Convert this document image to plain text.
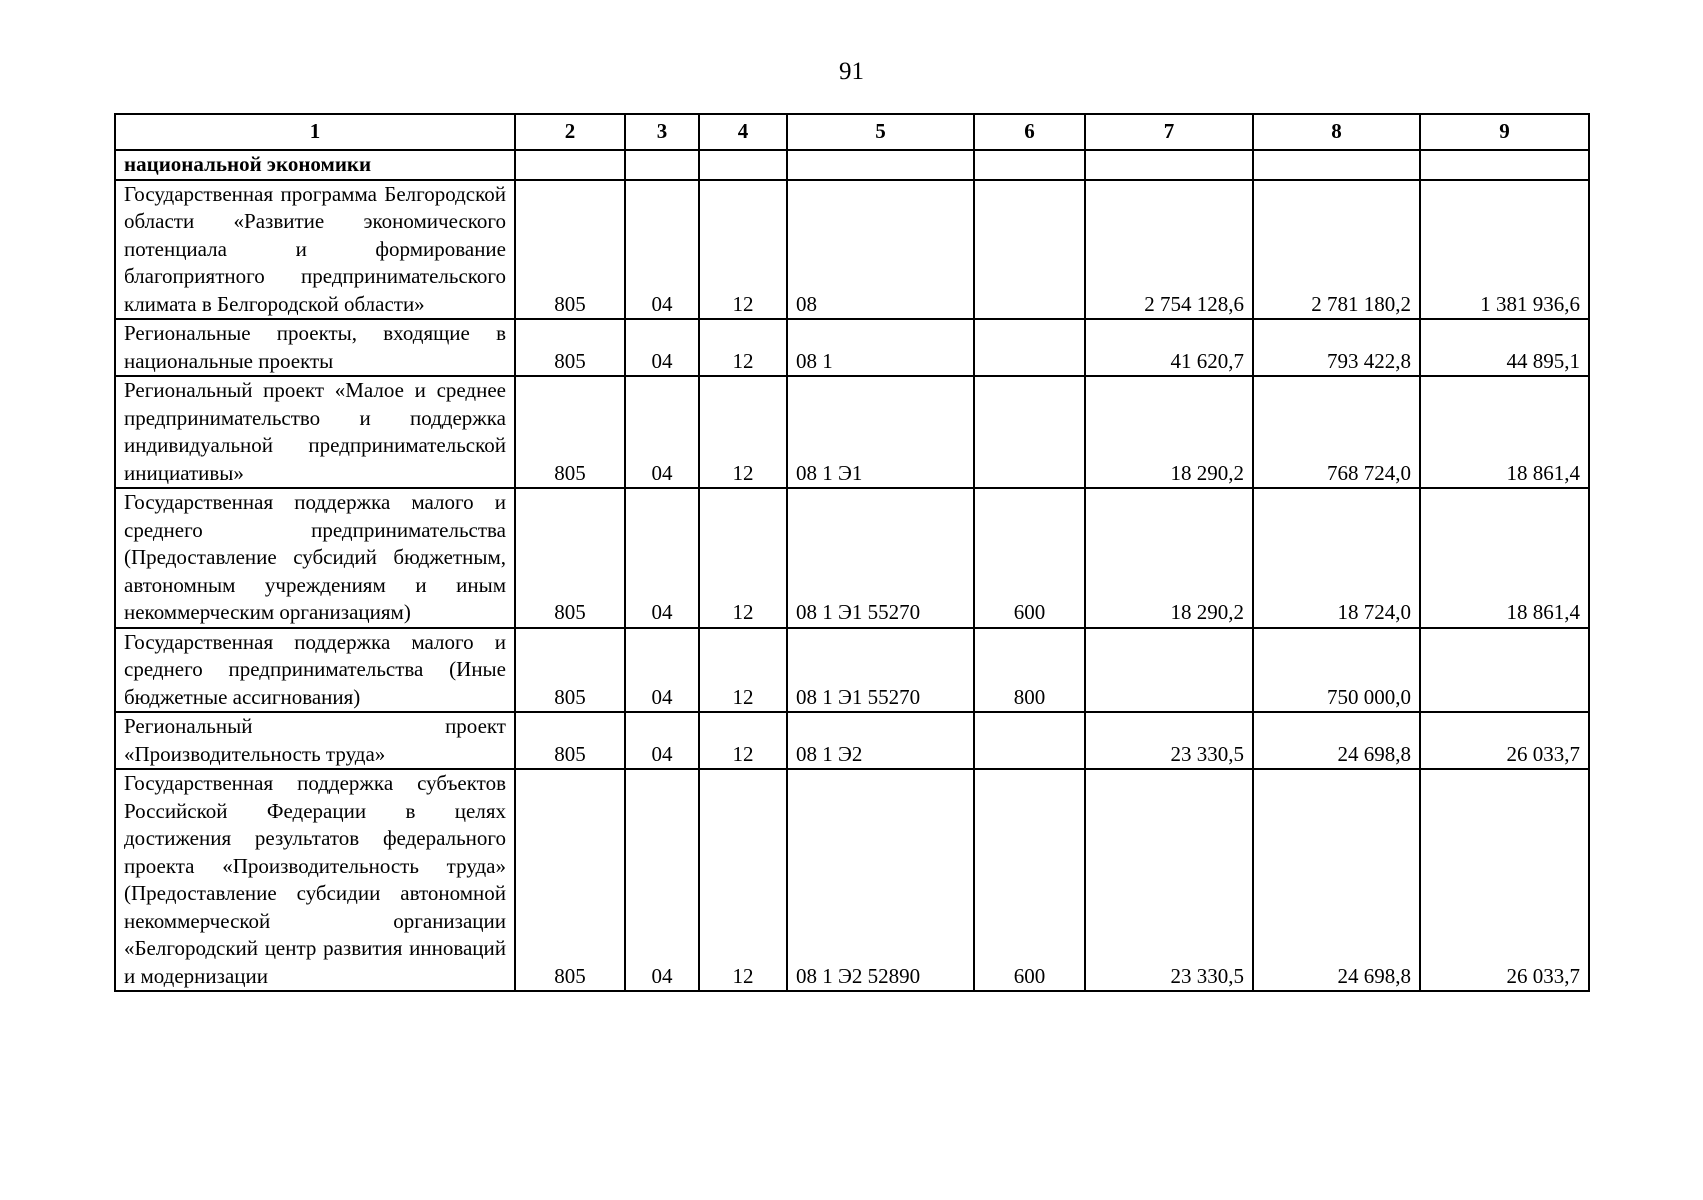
91
1	2	3	4	5	6	7	8	9
национальной экономики								
Государственная программа Белгородской области «Развитие экономического потенциала и формирование благоприятного предпринимательского климата в Белгородской области»	805	04	12	08		2 754 128,6	2 781 180,2	1 381 936,6
Региональные проекты, входящие в национальные проекты	805	04	12	08 1		41 620,7	793 422,8	44 895,1
Региональный проект «Малое и среднее предпринимательство и поддержка индивидуальной предпринимательской инициативы»	805	04	12	08 1 Э1		18 290,2	768 724,0	18 861,4
Государственная поддержка малого и среднего предпринимательства (Предоставление субсидий бюджетным, автономным учреждениям и иным некоммерческим организациям)	805	04	12	08 1 Э1 55270	600	18 290,2	18 724,0	18 861,4
Государственная поддержка малого и среднего предпринимательства (Иные бюджетные ассигнования)	805	04	12	08 1 Э1 55270	800		750 000,0	
Региональный проект «Производительность труда»	805	04	12	08 1 Э2		23 330,5	24 698,8	26 033,7
Государственная поддержка субъектов Российской Федерации в целях достижения результатов федерального проекта «Производительность труда» (Предоставление субсидии автономной некоммерческой организации «Белгородский центр развития инноваций и модернизации	805	04	12	08 1 Э2 52890	600	23 330,5	24 698,8	26 033,7
